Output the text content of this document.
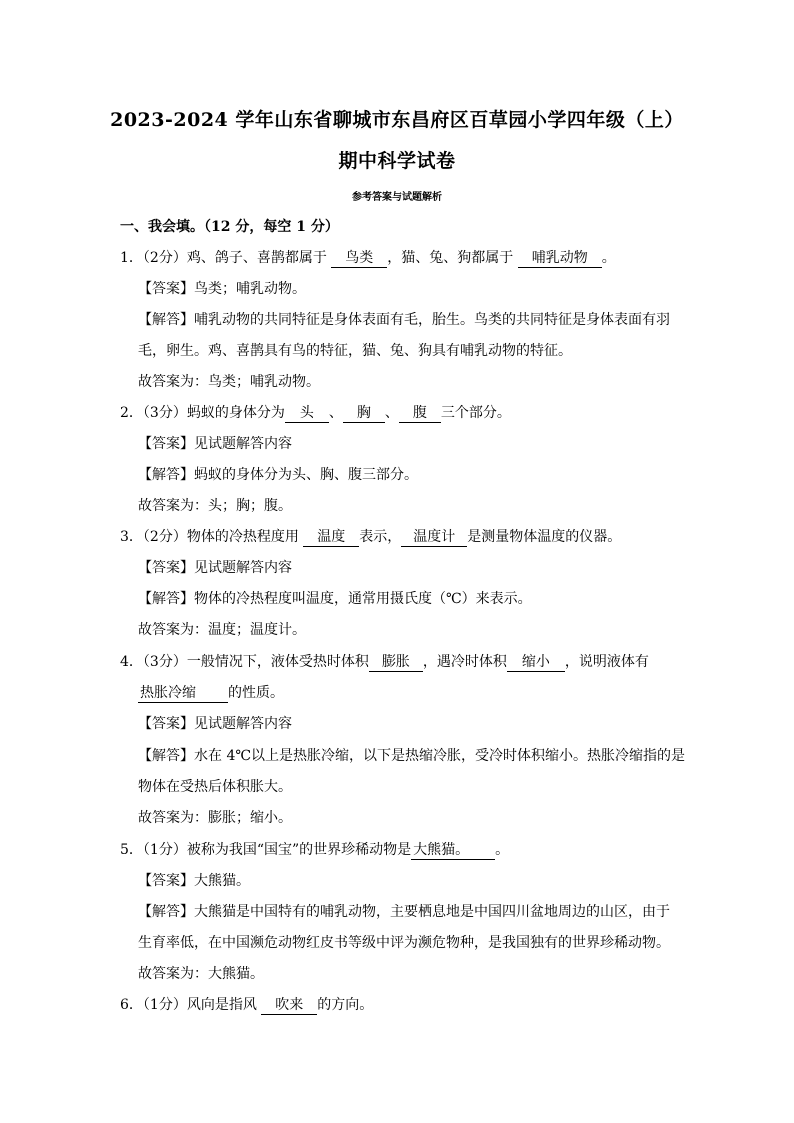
2023-2024 学年山东省聊城市东昌府区百草园小学四年级（上）
期中科学试卷
参考答案与试题解析
一、我会填。（12 分，每空 1 分）
1．（2分）鸡、鸽子、喜鹊都属于 鸟类 ，猫、兔、狗都属于 哺乳动物 。
【答案】鸟类；哺乳动物。
【解答】哺乳动物的共同特征是身体表面有毛，胎生。鸟类的共同特征是身体表面有羽
毛，卵生。鸡、喜鹊具有鸟的特征，猫、兔、狗具有哺乳动物的特征。
故答案为：鸟类；哺乳动物。
2．（3分）蚂蚁的身体分为 头 、 胸 、 腹 三个部分。
【答案】见试题解答内容
【解答】蚂蚁的身体分为头、胸、腹三部分。
故答案为：头；胸；腹。
3．（2分）物体的冷热程度用 温度 表示， 温度计 是测量物体温度的仪器。
【答案】见试题解答内容
【解答】物体的冷热程度叫温度，通常用摄氏度（℃）来表示。
故答案为：温度；温度计。
4．（3分）一般情况下，液体受热时体积 膨胀 ，遇冷时体积 缩小 ，说明液体有
热胀冷缩 的性质。
【答案】见试题解答内容
【解答】水在 4℃以上是热胀冷缩，以下是热缩冷胀，受冷时体积缩小。热胀冷缩指的是
物体在受热后体积胀大。
故答案为：膨胀；缩小。
5．（1分）被称为我国“国宝”的世界珍稀动物是 大熊猫。 。
【答案】大熊猫。
【解答】大熊猫是中国特有的哺乳动物，主要栖息地是中国四川盆地周边的山区，由于
生育率低，在中国濒危动物红皮书等级中评为濒危物种，是我国独有的世界珍稀动物。
故答案为：大熊猫。
6．（1分）风向是指风 吹来 的方向。
